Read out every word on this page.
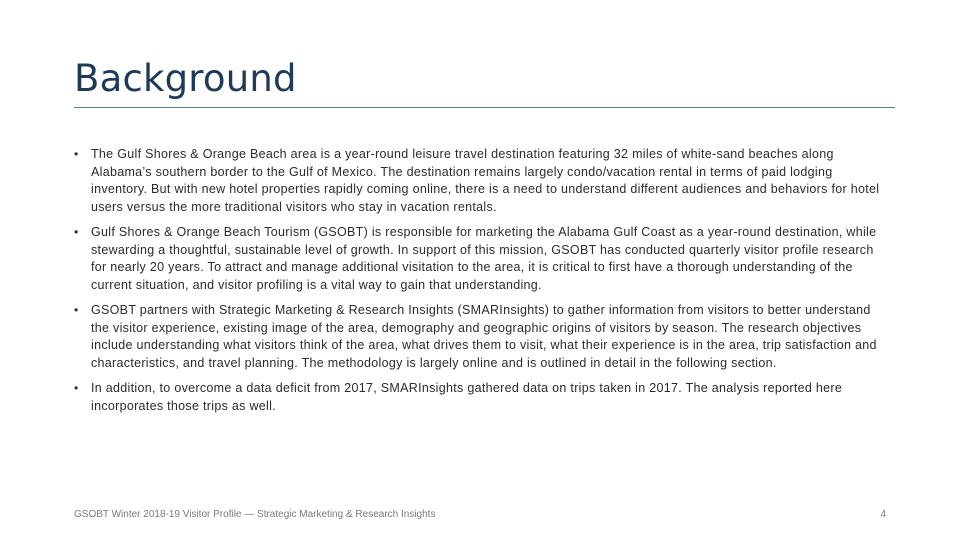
Background
• The Gulf Shores & Orange Beach area is a year-round leisure travel destination featuring 32 miles of white-sand beaches along Alabama’s southern border to the Gulf of Mexico. The destination remains largely condo/vacation rental in terms of paid lodging inventory. But with new hotel properties rapidly coming online, there is a need to understand different audiences and behaviors for hotel users versus the more traditional visitors who stay in vacation rentals.
• Gulf Shores & Orange Beach Tourism (GSOBT) is responsible for marketing the Alabama Gulf Coast as a year-round destination, while stewarding a thoughtful, sustainable level of growth. In support of this mission, GSOBT has conducted quarterly visitor profile research for nearly 20 years. To attract and manage additional visitation to the area, it is critical to first have a thorough understanding of the current situation, and visitor profiling is a vital way to gain that understanding.
• GSOBT partners with Strategic Marketing & Research Insights (SMARInsights) to gather information from visitors to better understand the visitor experience, existing image of the area, demography and geographic origins of visitors by season. The research objectives include understanding what visitors think of the area, what drives them to visit, what their experience is in the area, trip satisfaction and characteristics, and travel planning. The methodology is largely online and is outlined in detail in the following section.
• In addition, to overcome a data deficit from 2017, SMARInsights gathered data on trips taken in 2017. The analysis reported here incorporates those trips as well.
GSOBT Winter 2018-19 Visitor Profile — Strategic Marketing & Research Insights	4
